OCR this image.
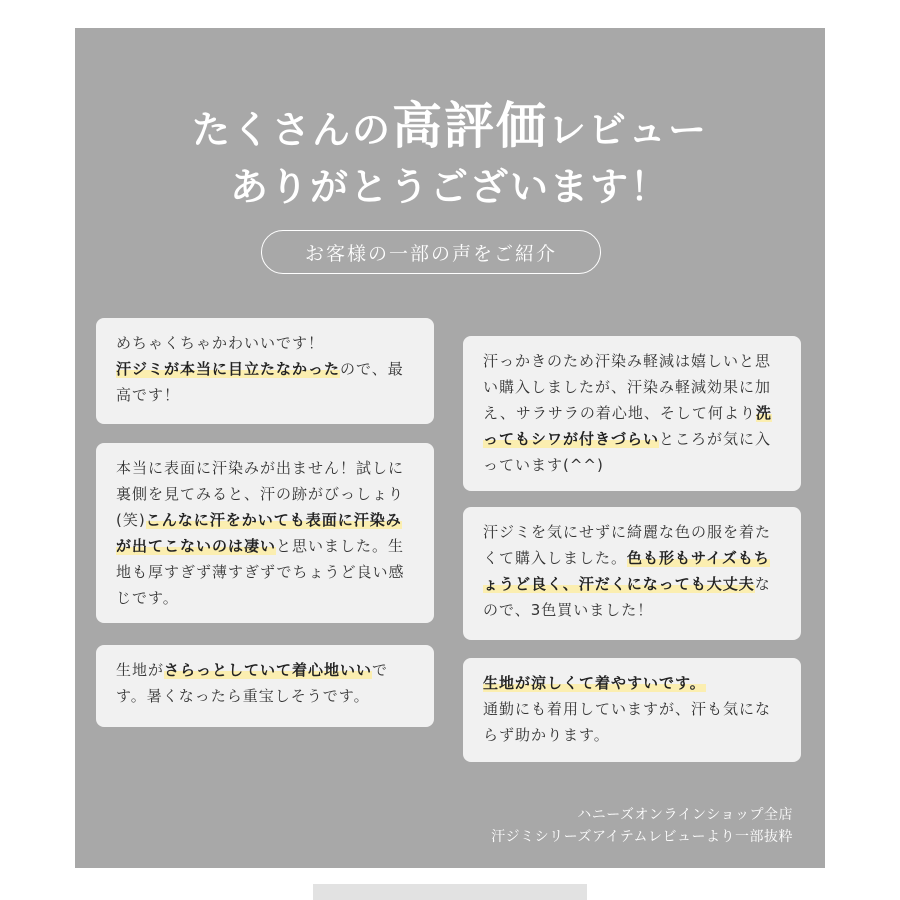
たくさんの高評価レビュー
ありがとうございます！
お客様の一部の声をご紹介
めちゃくちゃかわいいです！
汗ジミが本当に目立たなかったので、最高です！
本当に表面に汗染みが出ません！試しに裏側を見てみると、汗の跡がびっしょり(笑)こんなに汗をかいても表面に汗染みが出てこないのは凄いと思いました。生地も厚すぎず薄すぎずでちょうど良い感じです。
生地がさらっとしていて着心地いいです。暑くなったら重宝しそうです。
汗っかきのため汗染み軽減は嬉しいと思い購入しましたが、汗染み軽減効果に加え、サラサラの着心地、そして何より洗ってもシワが付きづらいところが気に入っています(^^)
汗ジミを気にせずに綺麗な色の服を着たくて購入しました。色も形もサイズもちょうど良く、汗だくになっても大丈夫なので、3色買いました！
生地が涼しくて着やすいです。
通勤にも着用していますが、汗も気にならず助かります。
ハニーズオンラインショップ全店
汗ジミシリーズアイテムレビューより一部抜粋
